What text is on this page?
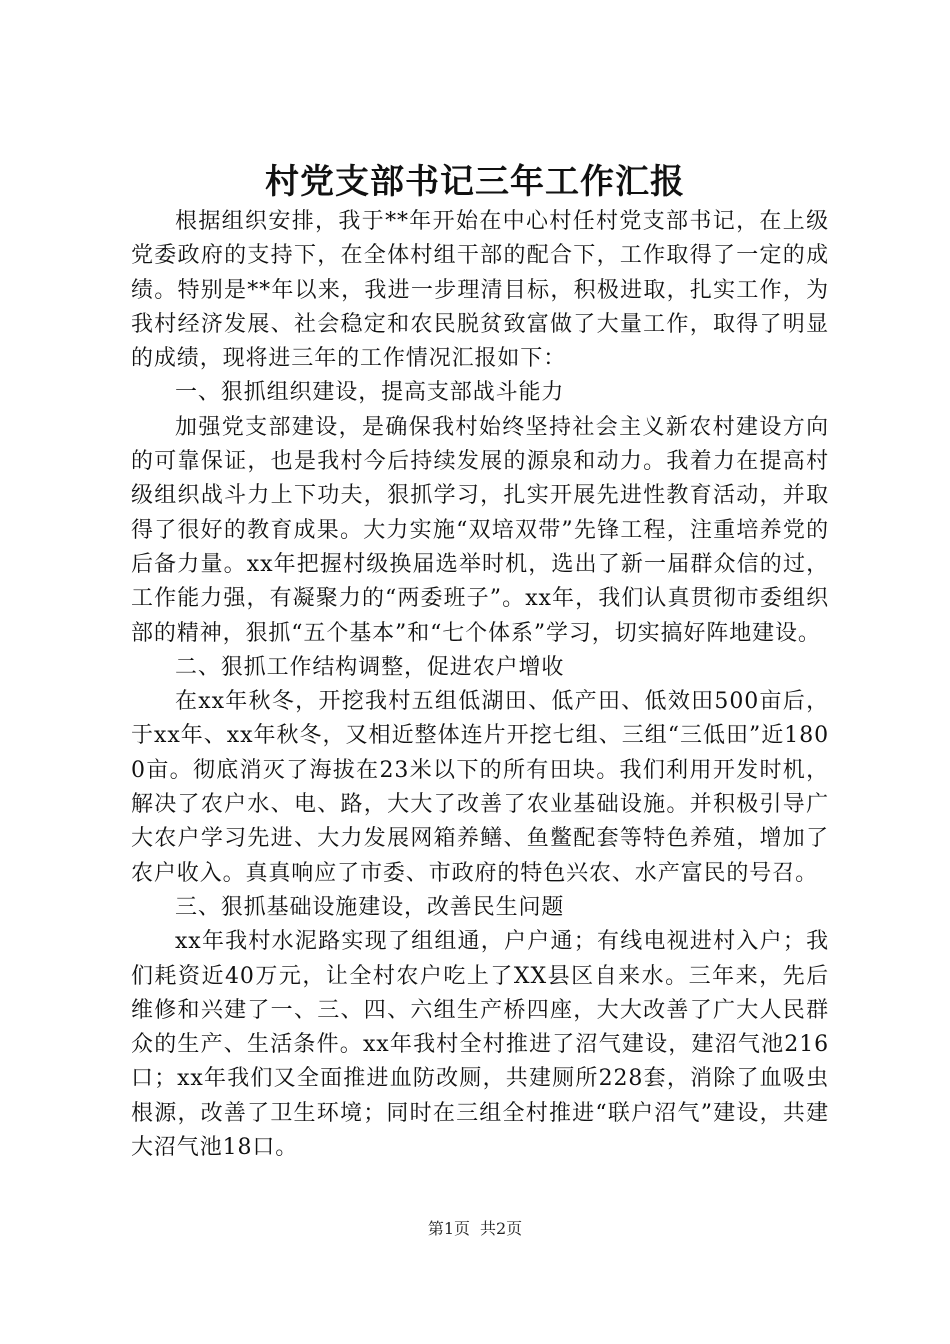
村党支部书记三年工作汇报

根据组织安排，我于**年开始在中心村任村党支部书记，在上级党委政府的支持下，在全体村组干部的配合下，工作取得了一定的成绩。特别是**年以来，我进一步理清目标，积极进取，扎实工作，为我村经济发展、社会稳定和农民脱贫致富做了大量工作，取得了明显的成绩，现将进三年的工作情况汇报如下：

一、狠抓组织建设，提高支部战斗能力

加强党支部建设，是确保我村始终坚持社会主义新农村建设方向的可靠保证，也是我村今后持续发展的源泉和动力。我着力在提高村级组织战斗力上下功夫，狠抓学习，扎实开展先进性教育活动，并取得了很好的教育成果。大力实施“双培双带”先锋工程，注重培养党的后备力量。xx年把握村级换届选举时机，选出了新一届群众信的过，工作能力强，有凝聚力的“两委班子”。xx年，我们认真贯彻市委组织部的精神，狠抓“五个基本”和“七个体系”学习，切实搞好阵地建设。

二、狠抓工作结构调整，促进农户增收

在xx年秋冬，开挖我村五组低湖田、低产田、低效田500亩后，于xx年、xx年秋冬，又相近整体连片开挖七组、三组“三低田”近1800亩。彻底消灭了海拔在23米以下的所有田块。我们利用开发时机，解决了农户水、电、路，大大了改善了农业基础设施。并积极引导广大农户学习先进、大力发展网箱养鳝、鱼鳖配套等特色养殖，增加了农户收入。真真响应了市委、市政府的特色兴农、水产富民的号召。

三、狠抓基础设施建设，改善民生问题

xx年我村水泥路实现了组组通，户户通；有线电视进村入户；我们耗资近40万元，让全村农户吃上了XX县区自来水。三年来，先后维修和兴建了一、三、四、六组生产桥四座，大大改善了广大人民群众的生产、生活条件。xx年我村全村推进了沼气建设，建沼气池216口；xx年我们又全面推进血防改厕，共建厕所228套，消除了血吸虫根源，改善了卫生环境；同时在三组全村推进“联户沼气”建设，共建大沼气池18口。

第1页 共2页
